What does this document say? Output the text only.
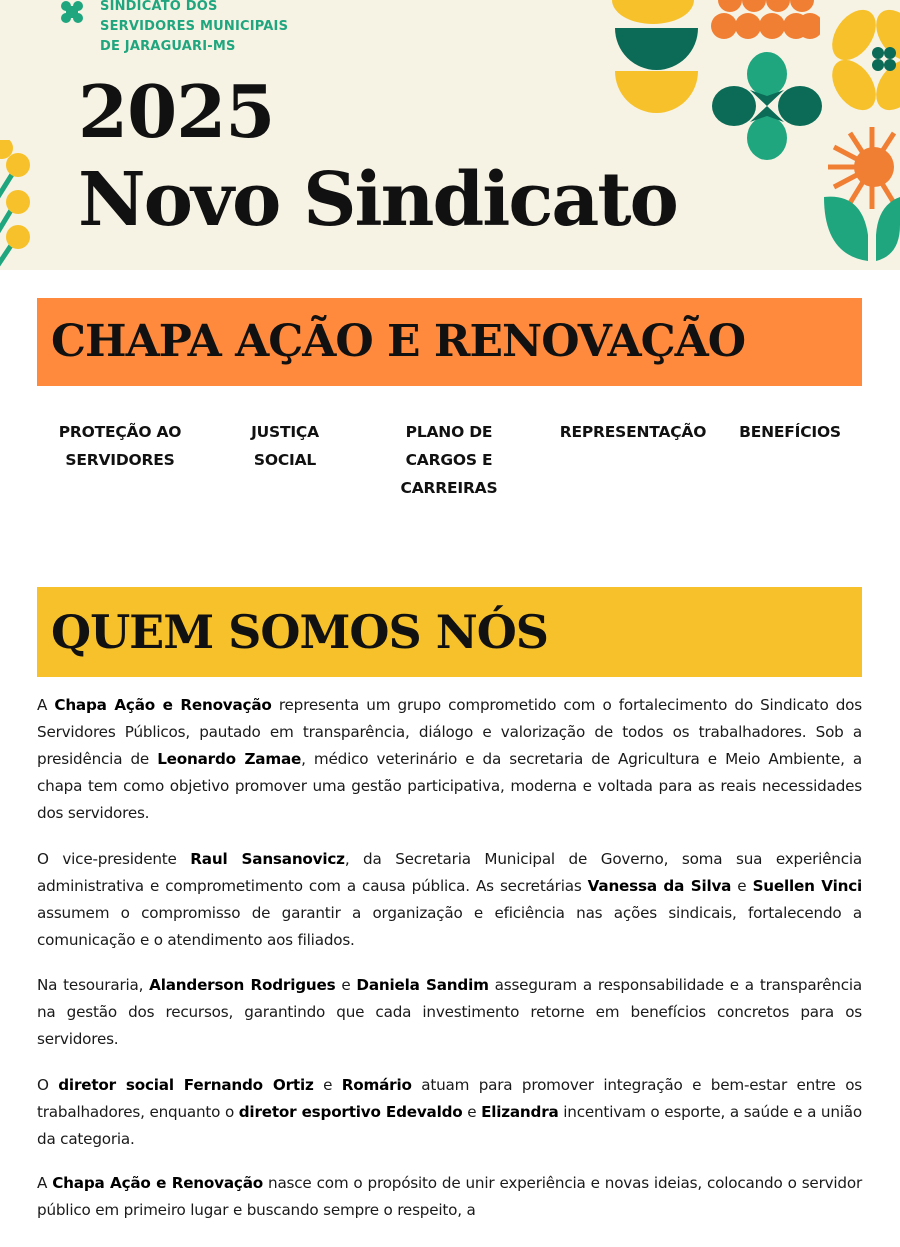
SINDICATO DOS
SERVIDORES MUNICIPAIS
DE JARAGUARI-MS
2025
Novo Sindicato
CHAPA AÇÃO E RENOVAÇÃO
PROTEÇÃO AO
SERVIDORES
JUSTIÇA
SOCIAL
PLANO DE
CARGOS E
CARREIRAS
REPRESENTAÇÃO	BENEFÍCIOS
QUEM SOMOS NÓS

A Chapa Ação e Renovação representa um grupo comprometido com o fortalecimento do Sindicato dos Servidores Públicos, pautado em transparência, diálogo e valorização de todos os trabalhadores. Sob a presidência de Leonardo Zamae, médico veterinário e da secretaria de Agricultura e Meio Ambiente, a chapa tem como objetivo promover uma gestão participativa, moderna e voltada para as reais necessidades dos servidores.

O vice-presidente Raul Sansanovicz, da Secretaria Municipal de Governo, soma sua experiência administrativa e comprometimento com a causa pública. As secretárias Vanessa da Silva e Suellen Vinci assumem o compromisso de garantir a organização e eficiência nas ações sindicais, fortalecendo a comunicação e o atendimento aos filiados.

Na tesouraria, Alanderson Rodrigues e Daniela Sandim asseguram a responsabilidade e a transparência na gestão dos recursos, garantindo que cada investimento retorne em benefícios concretos para os servidores.

O diretor social Fernando Ortiz e Romário atuam para promover integração e bem-estar entre os trabalhadores, enquanto o diretor esportivo Edevaldo e Elizandra incentivam o esporte, a saúde e a união da categoria.

A Chapa Ação e Renovação nasce com o propósito de unir experiência e novas ideias, colocando o servidor público em primeiro lugar e buscando sempre o respeito, a
